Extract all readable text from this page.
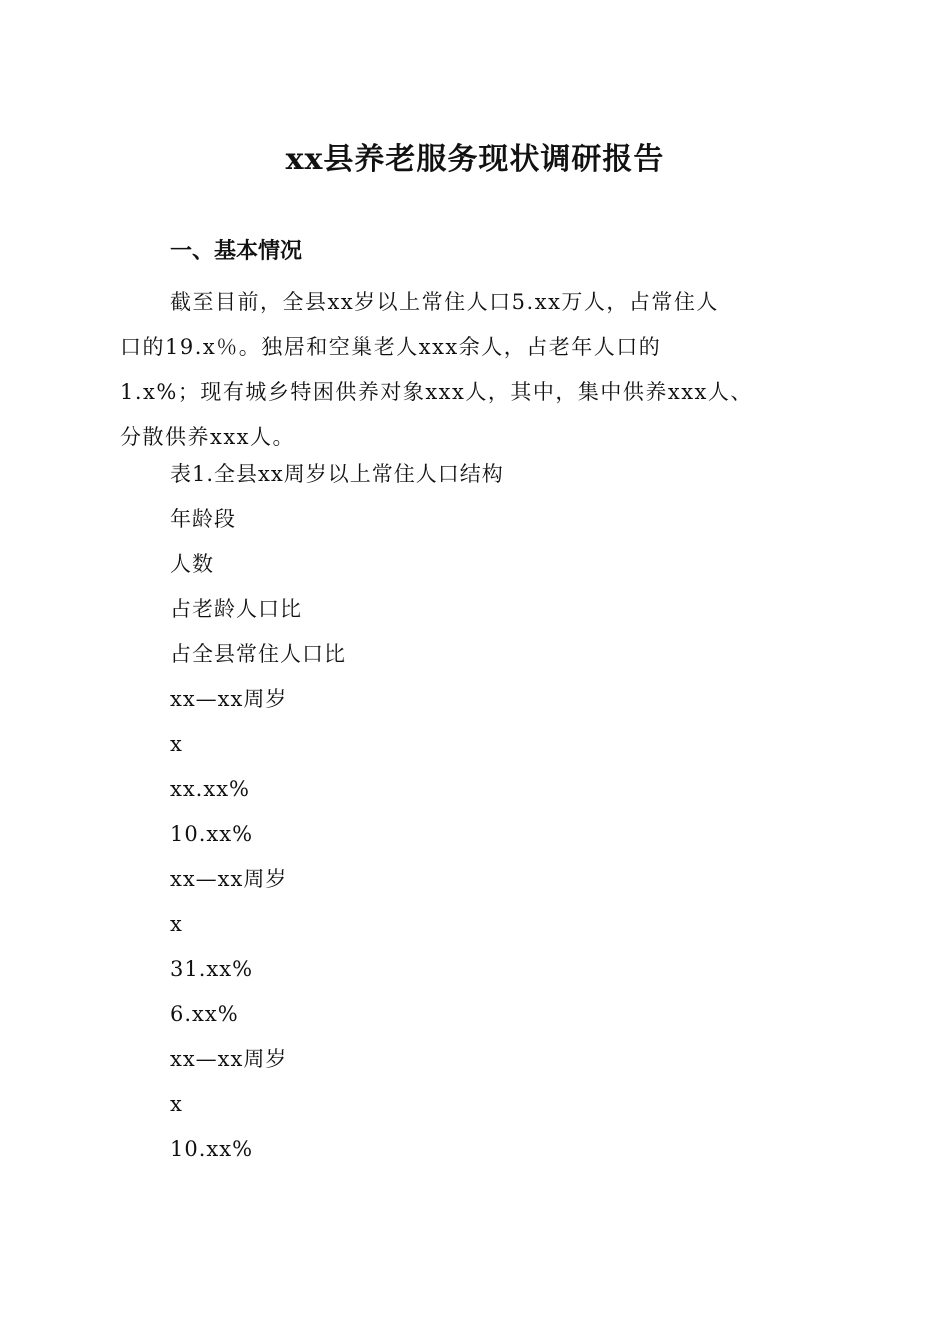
xx县养老服务现状调研报告
一、基本情况
截至目前，全县xx岁以上常住人口5.xx万人，占常住人
口的19.x％。独居和空巢老人xxx余人，占老年人口的
1.x%；现有城乡特困供养对象xxx人，其中，集中供养xxx人、
分散供养xxx人。
表1.全县xx周岁以上常住人口结构
年龄段
人数
占老龄人口比
占全县常住人口比
xx—xx周岁
x
xx.xx%
10.xx%
xx—xx周岁
x
31.xx%
6.xx%
xx—xx周岁
x
10.xx%
